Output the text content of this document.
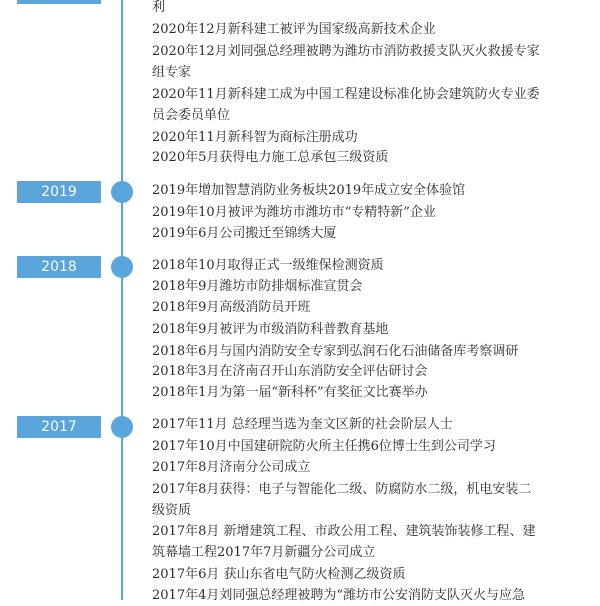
利
2020年12月新科建工被评为国家级高新技术企业
2020年12月刘同强总经理被聘为潍坊市消防救援支队灭火救援专家
组专家
2020年11月新科建工成为中国工程建设标准化协会建筑防火专业委
员会委员单位
2020年11月新科智为商标注册成功
2020年5月获得电力施工总承包三级资质
2019	2019年增加智慧消防业务板块2019年成立安全体验馆
2019年10月被评为潍坊市潍坊市“专精特新”企业
2019年6月公司搬迁至锦绣大厦
2018	2018年10月取得正式一级维保检测资质
2018年9月潍坊市防排烟标准宣贯会
2018年9月高级消防员开班
2018年9月被评为市级消防科普教育基地
2018年6月与国内消防安全专家到弘润石化石油储备库考察调研
2018年3月在济南召开山东消防安全评估研讨会
2018年1月为第一届“新科杯”有奖征文比赛举办
2017	2017年11月 总经理当选为奎文区新的社会阶层人士
2017年10月中国建研院防火所主任携6位博士生到公司学习
2017年8月济南分公司成立
2017年8月获得：电子与智能化二级、防腐防水二级，机电安装二
级资质
2017年8月 新增建筑工程、市政公用工程、建筑装饰装修工程、建
筑幕墙工程2017年7月新疆分公司成立
2017年6月 获山东省电气防火检测乙级资质
2017年4月刘同强总经理被聘为“潍坊市公安消防支队灭火与应急
